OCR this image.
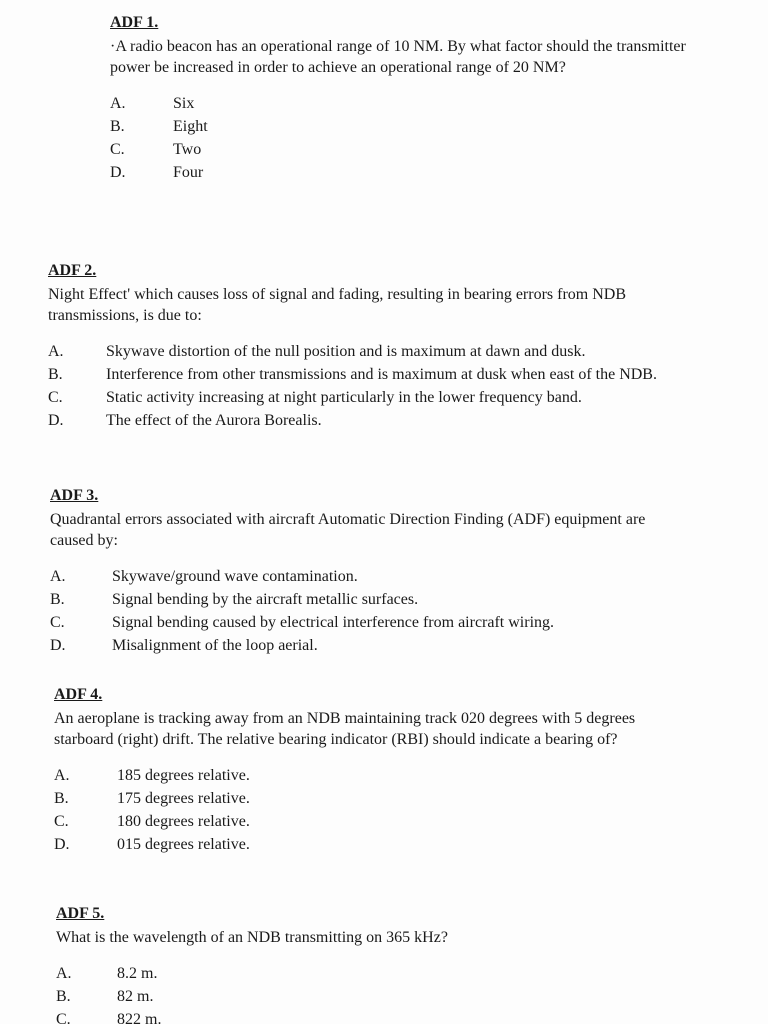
ADF 1.

·A radio beacon has an operational range of 10 NM. By what factor should the transmitter power be increased in order to achieve an operational range of 20 NM?

A.	Six
B.	Eight
C.	Two
D.	Four
ADF 2.

Night Effect' which causes loss of signal and fading, resulting in bearing errors from NDB transmissions, is due to:

A.	Skywave distortion of the null position and is maximum at dawn and dusk.
B.	Interference from other transmissions and is maximum at dusk when east of the NDB.
C.	Static activity increasing at night particularly in the lower frequency band.
D.	The effect of the Aurora Borealis.
ADF 3.

Quadrantal errors associated with aircraft Automatic Direction Finding (ADF) equipment are caused by:

A.	Skywave/ground wave contamination.
B.	Signal bending by the aircraft metallic surfaces.
C.	Signal bending caused by electrical interference from aircraft wiring.
D.	Misalignment of the loop aerial.
ADF 4.

An aeroplane is tracking away from an NDB maintaining track 020 degrees with 5 degrees starboard (right) drift. The relative bearing indicator (RBI) should indicate a bearing of?

A.	185 degrees relative.
B.	175 degrees relative.
C.	180 degrees relative.
D.	015 degrees relative.
ADF 5.

What is the wavelength of an NDB transmitting on 365 kHz?

A.	8.2 m.
B.	82 m.
C.	822 m.
